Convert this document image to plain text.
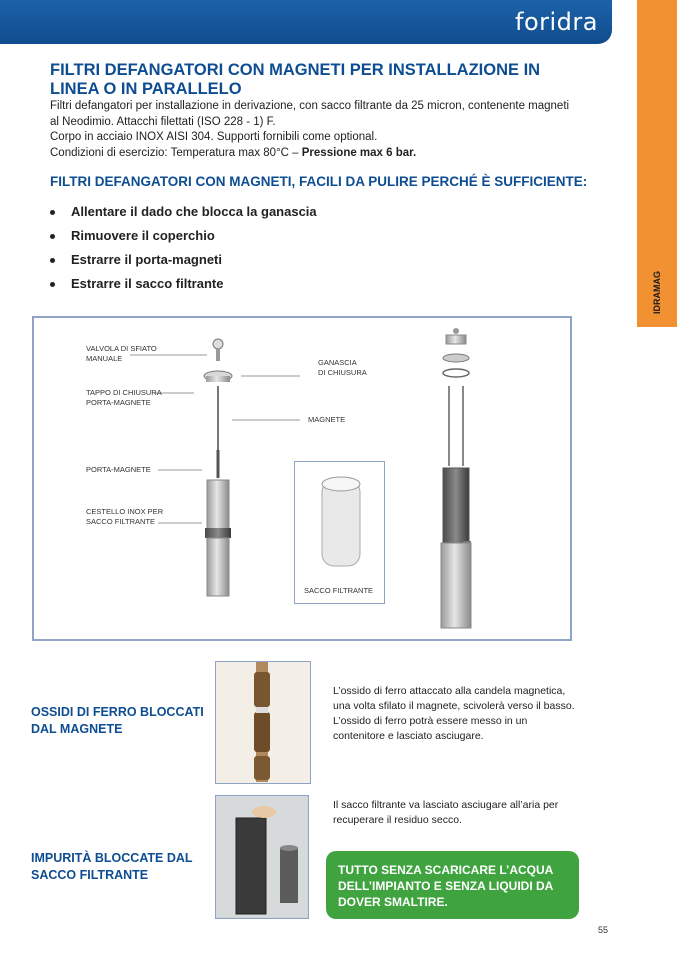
foridra
IDRAMAG
FILTRI DEFANGATORI CON MAGNETI PER INSTALLAZIONE IN LINEA O IN PARALLELO

Filtri defangatori per installazione in derivazione, con sacco filtrante da 25 micron, contenente magneti al Neodimio. Attacchi filettati (ISO 228 - 1) F.

Corpo in acciaio INOX AISI 304. Supporti fornibili come optional.

Condizioni di esercizio: Temperatura max 80°C – Pressione max 6 bar.

FILTRI DEFANGATORI CON MAGNETI, FACILI DA PULIRE PERCHÉ È SUFFICIENTE:
Allentare il dado che blocca la ganascia
Rimuovere il coperchio
Estrarre il porta-magneti
Estrarre il sacco filtrante
VALVOLA DI SFIATO
MANUALE	GANASCIA
DI CHIUSURA
TAPPO DI CHIUSURA
PORTA-MAGNETE
MAGNETE
PORTA-MAGNETE
CESTELLO INOX PER
SACCO FILTRANTE
SACCO FILTRANTE
OSSIDI DI FERRO BLOCCATI
DAL MAGNETE

L’ossido di ferro attaccato alla candela magnetica, una volta sfilato il magnete, scivolerà verso il basso. L’ossido di ferro potrà essere messo in un contenitore e lasciato asciugare.

IMPURITÀ BLOCCATE DAL
SACCO FILTRANTE

Il sacco filtrante va lasciato asciugare all’aria per recuperare il residuo secco.

TUTTO SENZA SCARICARE L’ACQUA
DELL’IMPIANTO E SENZA LIQUIDI DA
DOVER SMALTIRE.
55
